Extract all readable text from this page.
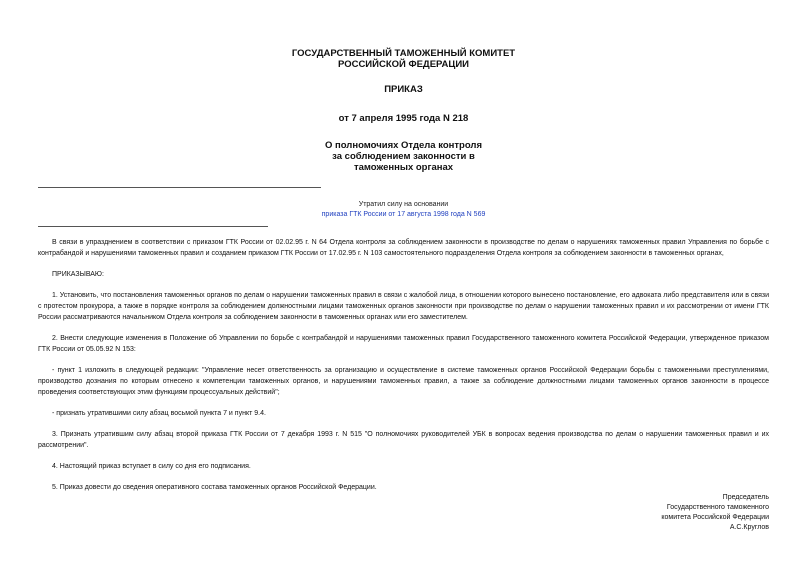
ГОСУДАРСТВЕННЫЙ ТАМОЖЕННЫЙ КОМИТЕТ
РОССИЙСКОЙ ФЕДЕРАЦИИ
ПРИКАЗ
от 7 апреля 1995 года N 218
О полномочиях Отдела контроля
за соблюдением законности в
таможенных органах
Утратил силу на основании
приказа ГТК России от 17 августа 1998 года N 569

В связи в упразднением в соответствии с приказом ГТК России от 02.02.95 г. N 64 Отдела контроля за соблюдением законности в производстве по делам о нарушениях таможенных правил Управления по борьбе с контрабандой и нарушениями таможенных правил и созданием приказом ГТК России от 17.02.95 г. N 103 самостоятельного подразделения Отдела контроля за соблюдением законности в таможенных органах,

ПРИКАЗЫВАЮ:

1. Установить, что постановления таможенных органов по делам о нарушении таможенных правил в связи с жалобой лица, в отношении которого вынесено постановление, его адвоката либо представителя или в связи с протестом прокурора, а также в порядке контроля за соблюдением должностными лицами таможенных органов законности при производстве по делам о нарушении таможенных правил и их рассмотрении от имени ГТК России рассматриваются начальником Отдела контроля за соблюдением законности в таможенных органах или его заместителем.

2. Внести следующие изменения в Положение об Управлении по борьбе с контрабандой и нарушениями таможенных правил Государственного таможенного комитета Российской Федерации, утвержденное приказом ГТК России от 05.05.92 N 153:

- пункт 1 изложить в следующей редакции: "Управление несет ответственность за организацию и осуществление в системе таможенных органов Российской Федерации борьбы с таможенными преступлениями, производство дознания по которым отнесено к компетенции таможенных органов, и нарушениями таможенных правил, а также за соблюдение должностными лицами таможенных органов законности в процессе проведения соответствующих этим функциям процессуальных действий";

- признать утратившими силу абзац восьмой пункта 7 и пункт 9.4.

3. Признать утратившим силу абзац второй приказа ГТК России от 7 декабря 1993 г. N 515 "О полномочиях руководителей УБК в вопросах ведения производства по делам о нарушении таможенных правил и их рассмотрении".

4. Настоящий приказ вступает в силу со дня его подписания.

5. Приказ довести до сведения оперативного состава таможенных органов Российской Федерации.

Председатель
Государственного таможенного
комитета Российской Федерации
А.С.Круглов
